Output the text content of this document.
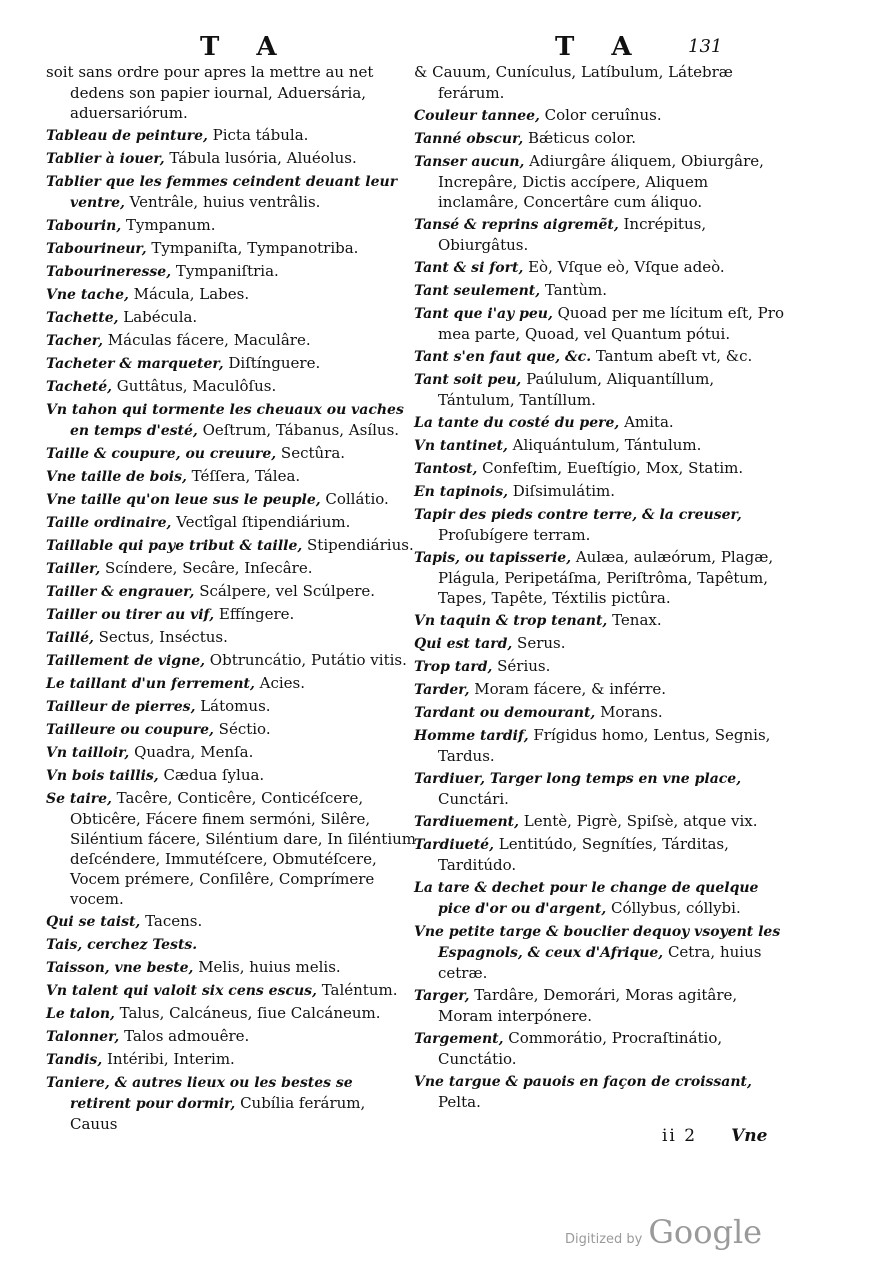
T A	T A 131
soit sans ordre pour apres la mettre au net dedens son papier iournal, Aduersária, aduersariórum.
Tableau de peinture, Picta tábula.
Tablier à iouer, Tábula lusória, Aluéolus.
Tablier que les femmes ceindent deuant leur ventre, Ventrâle, huius ventrâlis.
Tabourin, Tympanum.
Tabourineur, Tympaniſta, Tympanotriba.
Tabourineresse, Tympaniſtria.
Vne tache, Mácula, Labes.
Tachette, Labécula.
Tacher, Máculas fácere, Maculâre.
Tacheter & marqueter, Diſtínguere.
Tacheté, Guttâtus, Maculôſus.
Vn tahon qui tormente les cheuaux ou vaches en temps d'esté, Oeſtrum, Tábanus, Asílus.
Taille & coupure, ou creuure, Sectûra.
Vne taille de bois, Téſſera, Tálea.
Vne taille qu'on leue sus le peuple, Collátio.
Taille ordinaire, Vectîgal ſtipendiárium.
Taillable qui paye tribut & taille, Stipendiárius.
Tailler, Scíndere, Secâre, Inſecâre.
Tailler & engrauer, Scálpere, vel Scúlpere.
Tailler ou tirer au vif, Effíngere.
Taillé, Sectus, Inséctus.
Taillement de vigne, Obtruncátio, Putátio vitis.
Le taillant d'un ferrement, Acies.
Tailleur de pierres, Látomus.
Tailleure ou coupure, Séctio.
Vn tailloir, Quadra, Menſa.
Vn bois taillis, Cædua ſylua.
Se taire, Tacêre, Conticêre, Conticéſcere, Obticêre, Fácere finem sermóni, Silêre, Siléntium fácere, Siléntium dare, In ſiléntium deſcéndere, Immutéſcere, Obmutéſcere, Vocem prémere, Conſilêre, Comprímere vocem.
Qui se taist, Tacens.
Tais, cerchez Tests.
Taisson, vne beste, Melis, huius melis.
Vn talent qui valoit six cens escus, Taléntum.
Le talon, Talus, Calcáneus, ſiue Calcáneum.
Talonner, Talos admouêre.
Tandis, Intéribi, Interim.
Taniere, & autres lieux ou les bestes se retirent pour dormir, Cubília ferárum, Cauus
& Cauum, Cunículus, Latíbulum, Látebræ ferárum.
Couleur tannee, Color ceruînus.
Tanné obscur, Bǽticus color.
Tanser aucun, Adiurgâre áliquem, Obiurgâre, Increpâre, Dictis accípere, Aliquem inclamâre, Concertâre cum áliquo.
Tansé & reprins aigremẽt, Incrépitus, Obiurgâtus.
Tant & si fort, Eò, Vſque eò, Vſque adeò.
Tant seulement, Tantùm.
Tant que i'ay peu, Quoad per me lícitum eſt, Pro mea parte, Quoad, vel Quantum pótui.
Tant s'en faut que, &c. Tantum abeſt vt, &c.
Tant soit peu, Paúlulum, Aliquantíllum, Tántulum, Tantíllum.
La tante du costé du pere, Amita.
Vn tantinet, Aliquántulum, Tántulum.
Tantost, Confeſtim, Eueſtígio, Mox, Statim.
En tapinois, Diſsimulátim.
Tapir des pieds contre terre, & la creuser, Proſubígere terram.
Tapis, ou tapisserie, Aulæa, aulæórum, Plagæ, Plágula, Peripetáſma, Periſtrôma, Tapêtum, Tapes, Tapête, Téxtilis pictûra.
Vn taquin & trop tenant, Tenax.
Qui est tard, Serus.
Trop tard, Sérius.
Tarder, Moram fácere, & inférre.
Tardant ou demourant, Morans.
Homme tardif, Frígidus homo, Lentus, Segnis, Tardus.
Tardiuer, Targer long temps en vne place, Cunctári.
Tardiuement, Lentè, Pigrè, Spiſsè, atque vix.
Tardiueté, Lentitúdo, Segnítíes, Tárditas, Tarditúdo.
La tare & dechet pour le change de quelque pice d'or ou d'argent, Cóllybus, cóllybi.
Vne petite targe & bouclier dequoy vsoyent les Espagnols, & ceux d'Afrique, Cetra, huius cetræ.
Targer, Tardâre, Demorári, Moras agitâre, Moram interpónere.
Targement, Commorátio, Procraſtinátio, Cunctátio.
Vne targue & pauois en façon de croissant, Pelta.
ii 2 Vne
Digitized by Google
